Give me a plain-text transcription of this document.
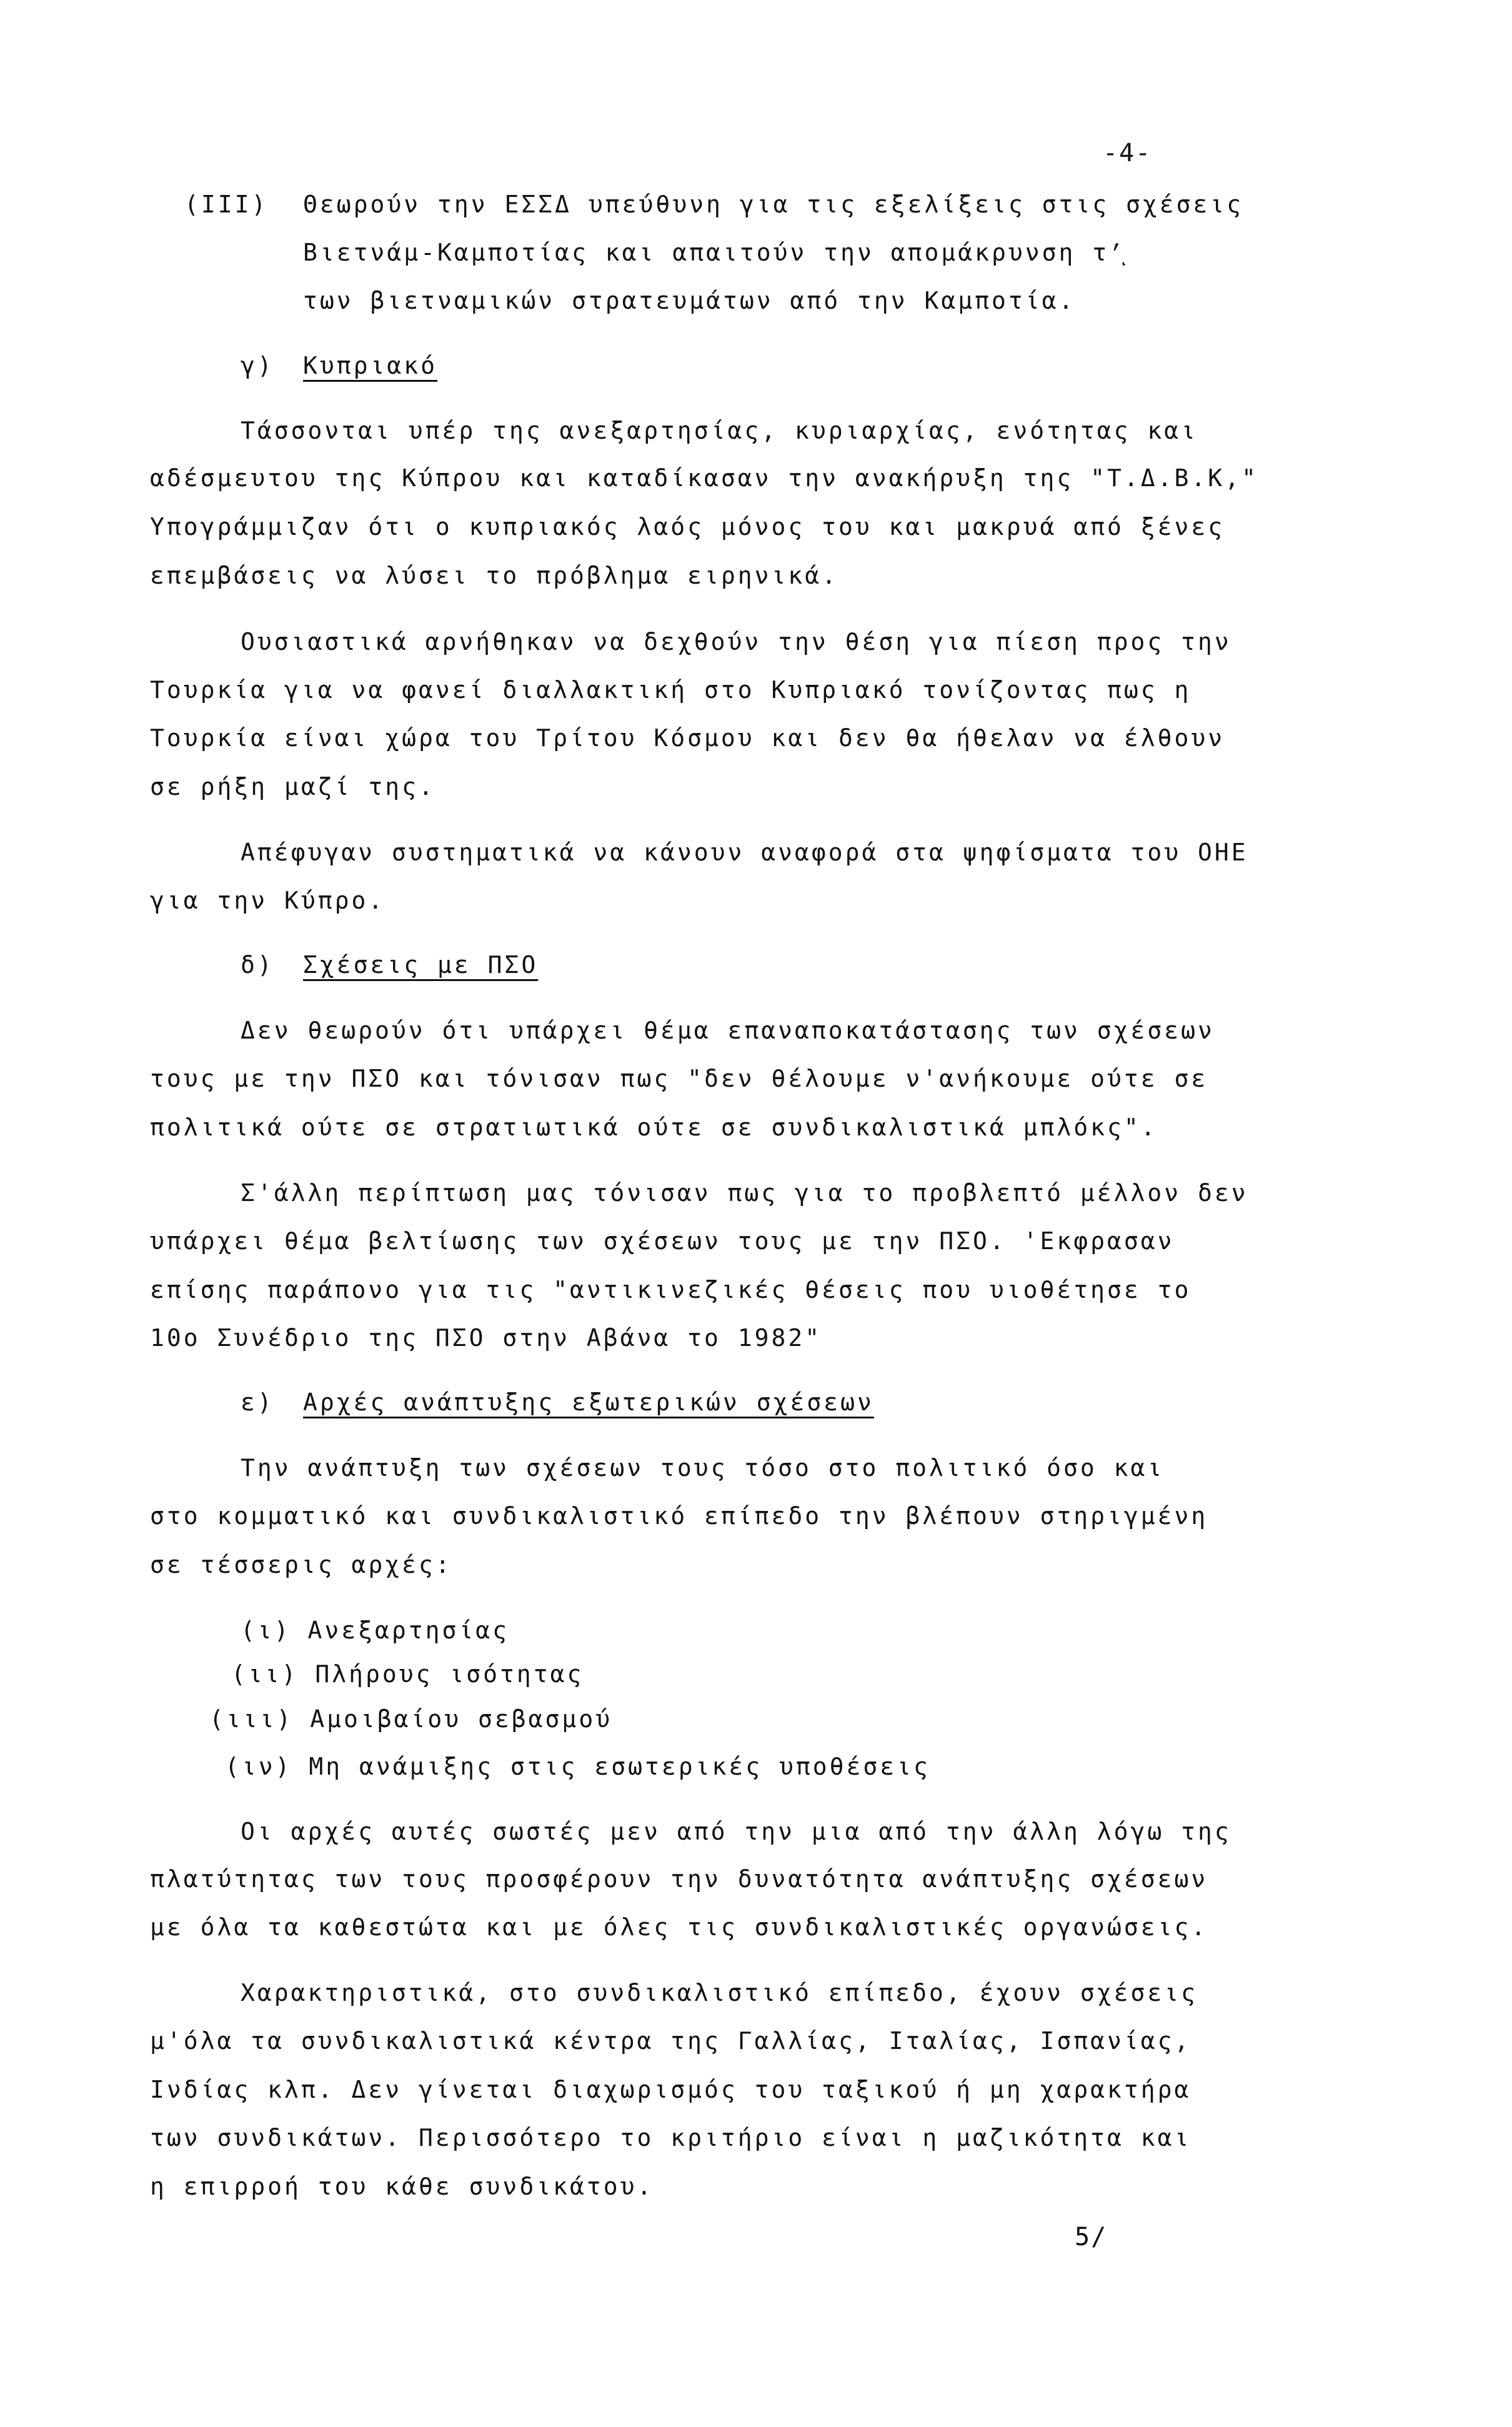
-4-
(III) Θεωρούν την ΕΣΣΔ υπεύθυνη για τις εξελίξεις στις σχέσεις
Βιετνάμ-Καμποτίας και απαιτούν την απομάκρυνση τ’ͅ
των βιετναμικών στρατευμάτων από την Καμποτία.
γ) Κυπριακό
Τάσσονται υπέρ της ανεξαρτησίας, κυριαρχίας, ενότητας και
αδέσμευτου της Κύπρου και καταδίκασαν την ανακήρυξη της "Τ.Δ.Β.Κ,"
Υπογράμμιζαν ότι ο κυπριακός λαός μόνος του και μακρυά από ξένες
επεμβάσεις να λύσει το πρόβλημα ειρηνικά.
Ουσιαστικά αρνήθηκαν να δεχθούν την θέση για πίεση προς την
Τουρκία για να φανεί διαλλακτική στο Κυπριακό τονίζοντας πως η
Τουρκία είναι χώρα του Τρίτου Κόσμου και δεν θα ήθελαν να έλθουν
σε ρήξη μαζί της.
Απέφυγαν συστηματικά να κάνουν αναφορά στα ψηφίσματα του ΟΗΕ
για την Κύπρο.
δ) Σχέσεις με ΠΣΟ
Δεν θεωρούν ότι υπάρχει θέμα επαναποκατάστασης των σχέσεων
τους με την ΠΣΟ και τόνισαν πως "δεν θέλουμε ν'ανήκουμε ούτε σε
πολιτικά ούτε σε στρατιωτικά ούτε σε συνδικαλιστικά μπλόκς".
Σ'άλλη περίπτωση μας τόνισαν πως για το προβλεπτό μέλλον δεν
υπάρχει θέμα βελτίωσης των σχέσεων τους με την ΠΣΟ. 'Εκφρασαν
επίσης παράπονο για τις "αντικινεζικές θέσεις που υιοθέτησε το
10ο Συνέδριο της ΠΣΟ στην Αβάνα το 1982"
ε) Αρχές ανάπτυξης εξωτερικών σχέσεων
Την ανάπτυξη των σχέσεων τους τόσο στο πολιτικό όσο και
στο κομματικό και συνδικαλιστικό επίπεδο την βλέπουν στηριγμένη
σε τέσσερις αρχές:
(ι) Ανεξαρτησίας
(ιι) Πλήρους ισότητας
(ιιι) Αμοιβαίου σεβασμού
(ιν) Μη ανάμιξης στις εσωτερικές υποθέσεις
Οι αρχές αυτές σωστές μεν από την μια από την άλλη λόγω της
πλατύτητας των τους προσφέρουν την δυνατότητα ανάπτυξης σχέσεων
με όλα τα καθεστώτα και με όλες τις συνδικαλιστικές οργανώσεις.
Χαρακτηριστικά, στο συνδικαλιστικό επίπεδο, έχουν σχέσεις
μ'όλα τα συνδικαλιστικά κέντρα της Γαλλίας, Ιταλίας, Ισπανίας,
Ινδίας κλπ. Δεν γίνεται διαχωρισμός του ταξικού ή μη χαρακτήρα
των συνδικάτων. Περισσότερο το κριτήριο είναι η μαζικότητα και
η επιρροή του κάθε συνδικάτου.
5/
